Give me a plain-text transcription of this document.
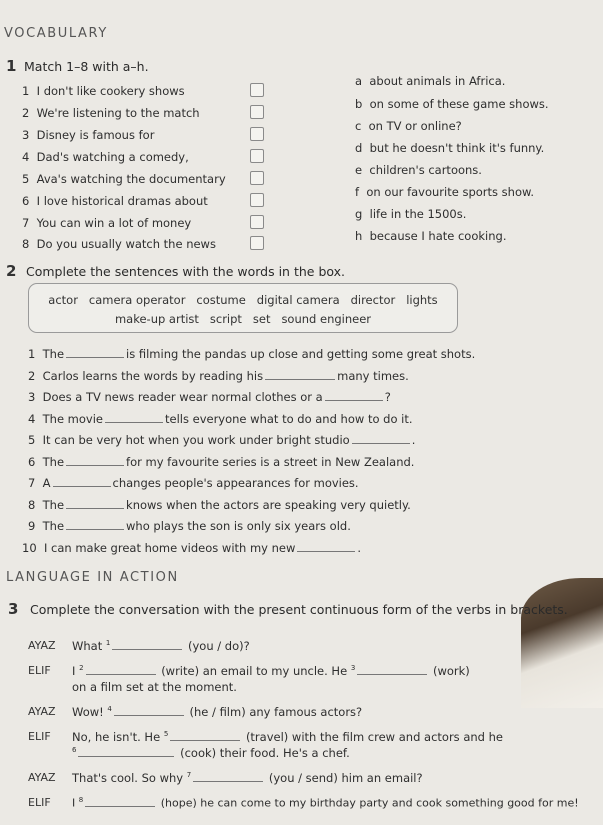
VOCABULARY
1 Match 1–8 with a–h.
1 I don't like cookery shows
2 We're listening to the match
3 Disney is famous for
4 Dad's watching a comedy,
5 Ava's watching the documentary
6 I love historical dramas about
7 You can win a lot of money
8 Do you usually watch the news
a about animals in Africa.
b on some of these game shows.
c on TV or online?
d but he doesn't think it's funny.
e children's cartoons.
f on our favourite sports show.
g life in the 1500s.
h because I hate cooking.
2 Complete the sentences with the words in the box.
actor   camera operator   costume   digital camera   director   lights
make-up artist   script   set   sound engineer
1 The	is filming the pandas up close and getting some great shots.
2 Carlos learns the words by reading his	many times.
3 Does a TV news reader wear normal clothes or a	?
4 The movie	tells everyone what to do and how to do it.
5 It can be very hot when you work under bright studio	.
6 The	for my favourite series is a street in New Zealand.
7 A	changes people's appearances for movies.
8 The	knows when the actors are speaking very quietly.
9 The	who plays the son is only six years old.
10 I can make great home videos with my new	.
LANGUAGE IN ACTION
3 Complete the conversation with the present continuous form of the verbs in brackets.
AYAZ What $^1$	(you / do)?
ELIF I $^2$	(write) an email to my uncle. He $^3$	(work)
on a film set at the moment.
AYAZ Wow! $^4$	(he / film) any famous actors?
ELIF No, he isn't. He $^5$	(travel) with the film crew and actors and he
$^6$	(cook) their food. He's a chef.
AYAZ That's cool. So why $^7$	(you / send) him an email?
ELIF I $^8$	(hope) he can come to my birthday party and cook something good for me!
